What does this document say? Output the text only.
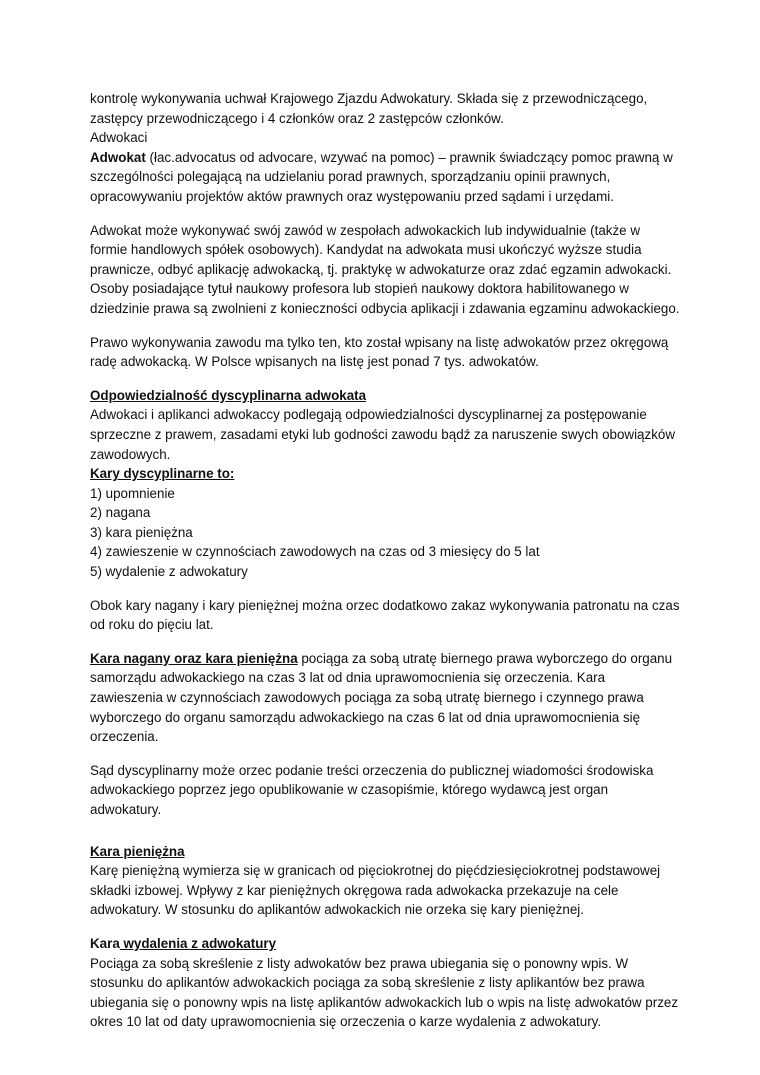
kontrolę wykonywania uchwał Krajowego Zjazdu Adwokatury. Składa się z przewodniczącego, zastępcy przewodniczącego i 4 członków oraz 2 zastępców członków.

Adwokaci

Adwokat (łac.advocatus od advocare, wzywać na pomoc) – prawnik świadczący pomoc prawną w szczególności polegającą na udzielaniu porad prawnych, sporządzaniu opinii prawnych, opracowywaniu projektów aktów prawnych oraz występowaniu przed sądami i urzędami.

Adwokat może wykonywać swój zawód w zespołach adwokackich lub indywidualnie (także w formie handlowych spółek osobowych). Kandydat na adwokata musi ukończyć wyższe studia prawnicze, odbyć aplikację adwokacką, tj. praktykę w adwokaturze oraz zdać egzamin adwokacki. Osoby posiadające tytuł naukowy profesora lub stopień naukowy doktora habilitowanego w dziedzinie prawa są zwolnieni z konieczności odbycia aplikacji i zdawania egzaminu adwokackiego.

Prawo wykonywania zawodu ma tylko ten, kto został wpisany na listę adwokatów przez okręgową radę adwokacką. W Polsce wpisanych na listę jest ponad 7 tys. adwokatów.

Odpowiedzialność dyscyplinarna adwokata

Adwokaci i aplikanci adwokaccy podlegają odpowiedzialności dyscyplinarnej za postępowanie sprzeczne z prawem, zasadami etyki lub godności zawodu bądź za naruszenie swych obowiązków zawodowych.

Kary dyscyplinarne to:

1) upomnienie
2) nagana
3) kara pieniężna
4) zawieszenie w czynnościach zawodowych na czas od 3 miesięcy do 5 lat
5) wydalenie z adwokatury

Obok kary nagany i kary pieniężnej można orzec dodatkowo zakaz wykonywania patronatu na czas od roku do pięciu lat.

Kara nagany oraz kara pieniężna pociąga za sobą utratę biernego prawa wyborczego do organu samorządu adwokackiego na czas 3 lat od dnia uprawomocnienia się orzeczenia. Kara zawieszenia w czynnościach zawodowych pociąga za sobą utratę biernego i czynnego prawa wyborczego do organu samorządu adwokackiego na czas 6 lat od dnia uprawomocnienia się orzeczenia.

Sąd dyscyplinarny może orzec podanie treści orzeczenia do publicznej wiadomości środowiska adwokackiego poprzez jego opublikowanie w czasopiśmie, którego wydawcą jest organ adwokatury.

Kara pieniężna

Karę pieniężną wymierza się w granicach od pięciokrotnej do pięćdziesięciokrotnej podstawowej składki izbowej. Wpływy z kar pieniężnych okręgowa rada adwokacka przekazuje na cele adwokatury. W stosunku do aplikantów adwokackich nie orzeka się kary pieniężnej.

Kara wydalenia z adwokatury

Pociąga za sobą skreślenie z listy adwokatów bez prawa ubiegania się o ponowny wpis. W stosunku do aplikantów adwokackich pociąga za sobą skreślenie z listy aplikantów bez prawa ubiegania się o ponowny wpis na listę aplikantów adwokackich lub o wpis na listę adwokatów przez okres 10 lat od daty uprawomocnienia się orzeczenia o karze wydalenia z adwokatury.
